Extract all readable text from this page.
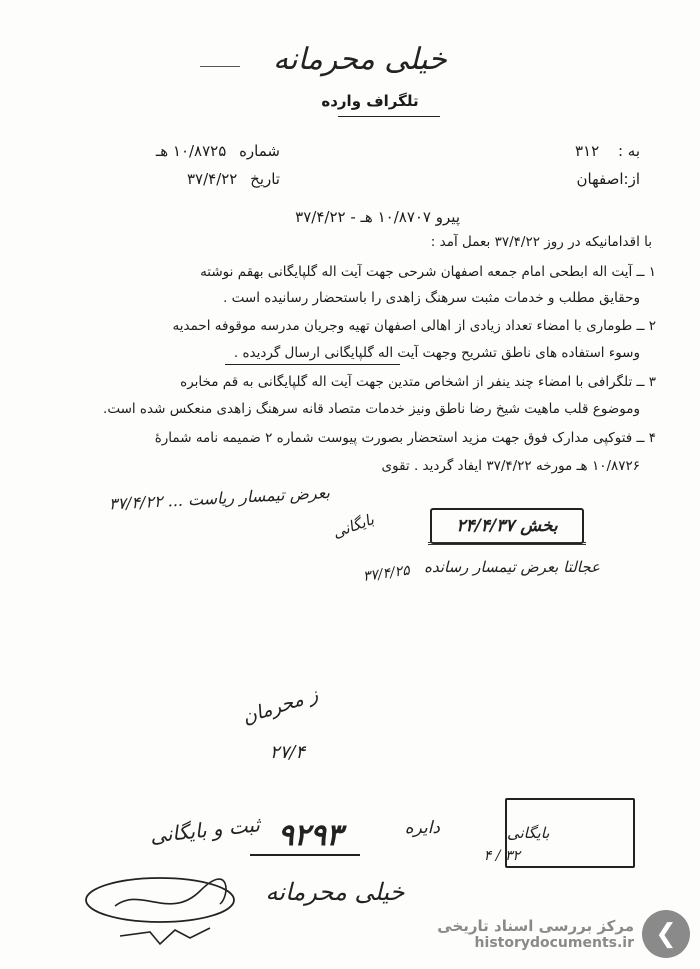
خیلی محرمانه
تلگراف وارده
به : ۳۱۲
از:اصفهان
شماره ۱۰/۸۷۲۵ هـ
تاریخ ۳۷/۴/۲۲
پیرو ۱۰/۸۷۰۷ هـ - ۳۷/۴/۲۲
با اقدامانیکه در روز ۳۷/۴/۲۲ بعمل آمد :
۱ ــ آیت اله ابطحی امام جمعه اصفهان شرحی جهت آیت اله گلپایگانی بهقم نوشته
وحقایق مطلب و خدمات مثبت سرهنگ زاهدی را باستحضار رسانیده است .
۲ ــ طوماری با امضاء تعداد زیادی از اهالی اصفهان تهیه وجریان مدرسه موقوفه احمدیه
وسوء استفاده های ناطق تشریح وجهت آیت اله گلپایگانی ارسال گردیده .
۳ ــ تلگرافی با امضاء چند ینفر از اشخاص متدین جهت آیت اله گلپایگانی به قم مخابره
وموضوع قلب ماهیت شیخ رضا ناطق ونیز خدمات متصاد قانه سرهنگ زاهدی منعکس شده است.
۴ ــ فتوکپی مدارک فوق جهت مزید استحضار بصورت پیوست شماره ۲ ضمیمه نامه شمارۀ
۱۰/۸۷۲۶ هـ مورخه ۳۷/۴/۲۲ ایفاد گردید . تقوی
بعرض تیمسار ریاست ... ۳۷/۴/۲۲
بخش ۲۴/۴/۳۷
عجالتا بعرض تیمسار رسانده
بایگانی
۳۷/۴/۲۵
ز محرمان
۲۷/۴
۹۲۹۳
ثبت و بایگانی	دایره
۳۲ / ۴
بایگانی
خیلی محرمانه
مرکز بررسی اسناد تاریخی
historydocuments.ir ❮
